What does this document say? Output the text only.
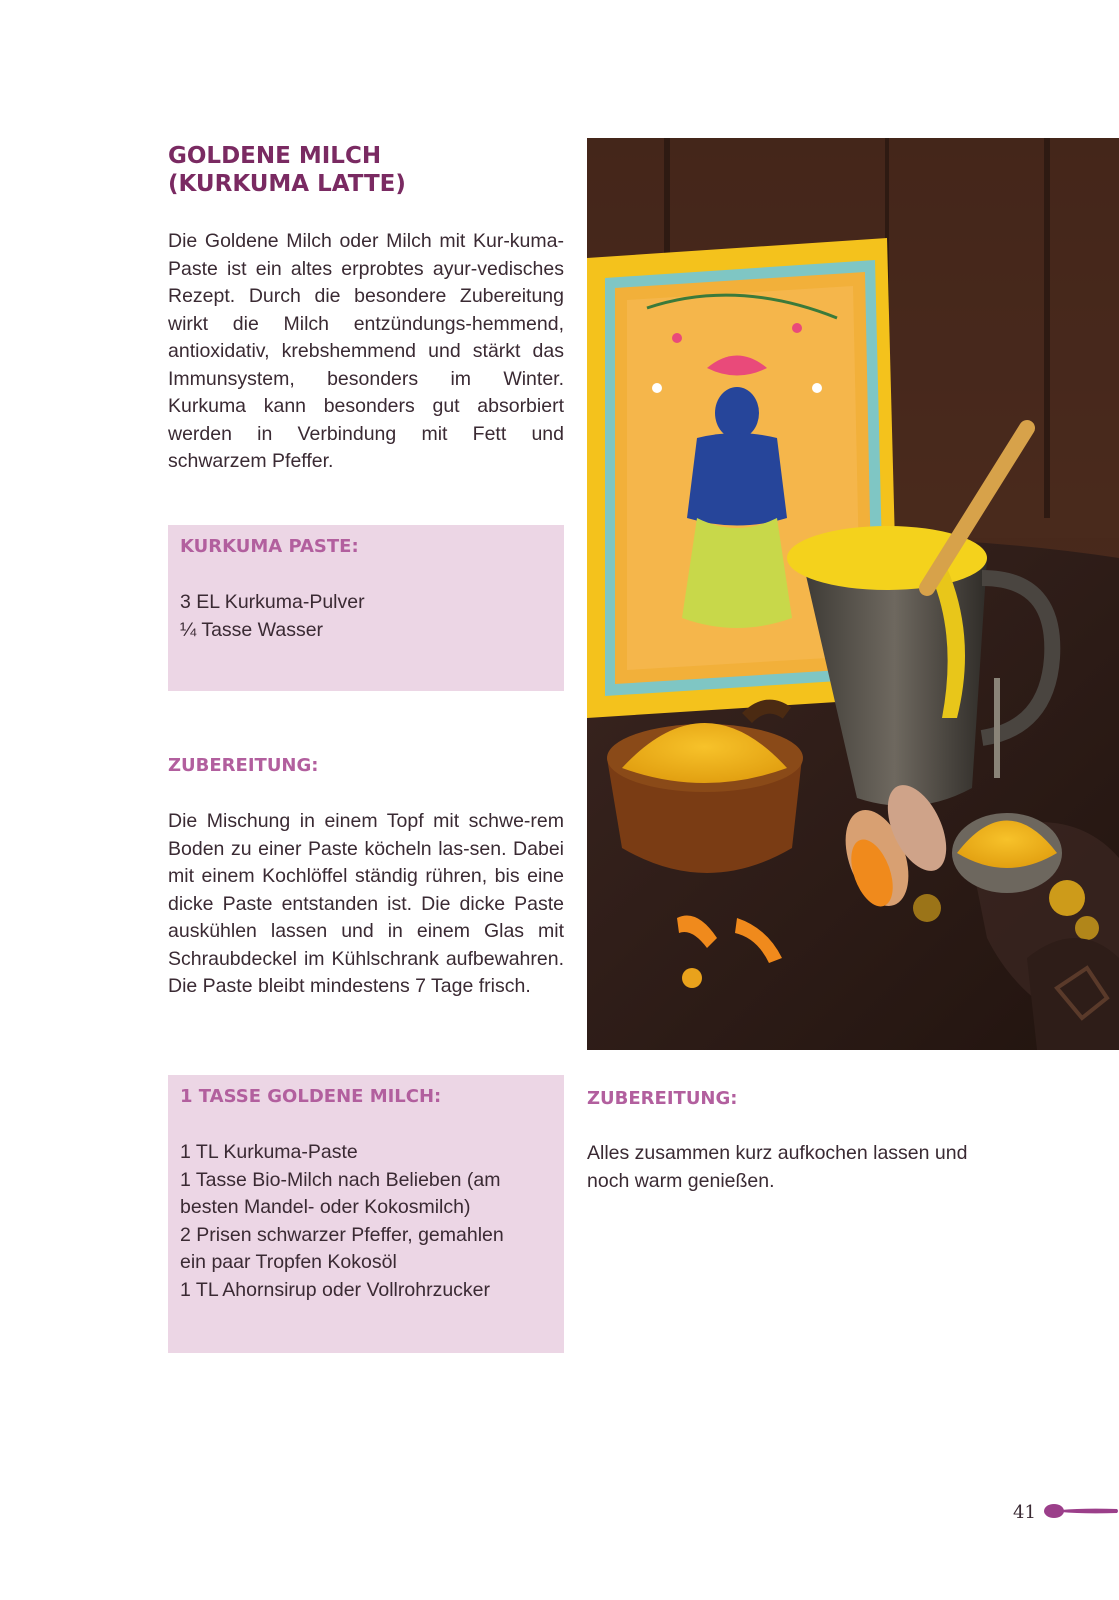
GOLDENE MILCH
(KURKUMA LATTE)

Die Goldene Milch oder Milch mit Kur-kuma-Paste ist ein altes erprobtes ayur-vedisches Rezept. Durch die besondere Zubereitung wirkt die Milch entzündungs-hemmend, antioxidativ, krebshemmend und stärkt das Immunsystem, besonders im Winter. Kurkuma kann besonders gut absorbiert werden in Verbindung mit Fett und schwarzem Pfeffer.

KURKUMA PASTE:
3 EL Kurkuma-Pulver
¼ Tasse Wasser
ZUBEREITUNG:

Die Mischung in einem Topf mit schwe-rem Boden zu einer Paste köcheln las-sen. Dabei mit einem Kochlöffel ständig rühren, bis eine dicke Paste entstanden ist. Die dicke Paste auskühlen lassen und in einem Glas mit Schraubdeckel im Kühlschrank aufbewahren. Die Paste bleibt mindestens 7 Tage frisch.

1 TASSE GOLDENE MILCH:
1 TL Kurkuma-Paste
1 Tasse Bio-Milch nach Belieben (am besten Mandel- oder Kokosmilch)
2 Prisen schwarzer Pfeffer, gemahlen
ein paar Tropfen Kokosöl
1 TL Ahornsirup oder Vollrohrzucker
ZUBEREITUNG:

Alles zusammen kurz aufkochen lassen und noch warm genießen.

41
